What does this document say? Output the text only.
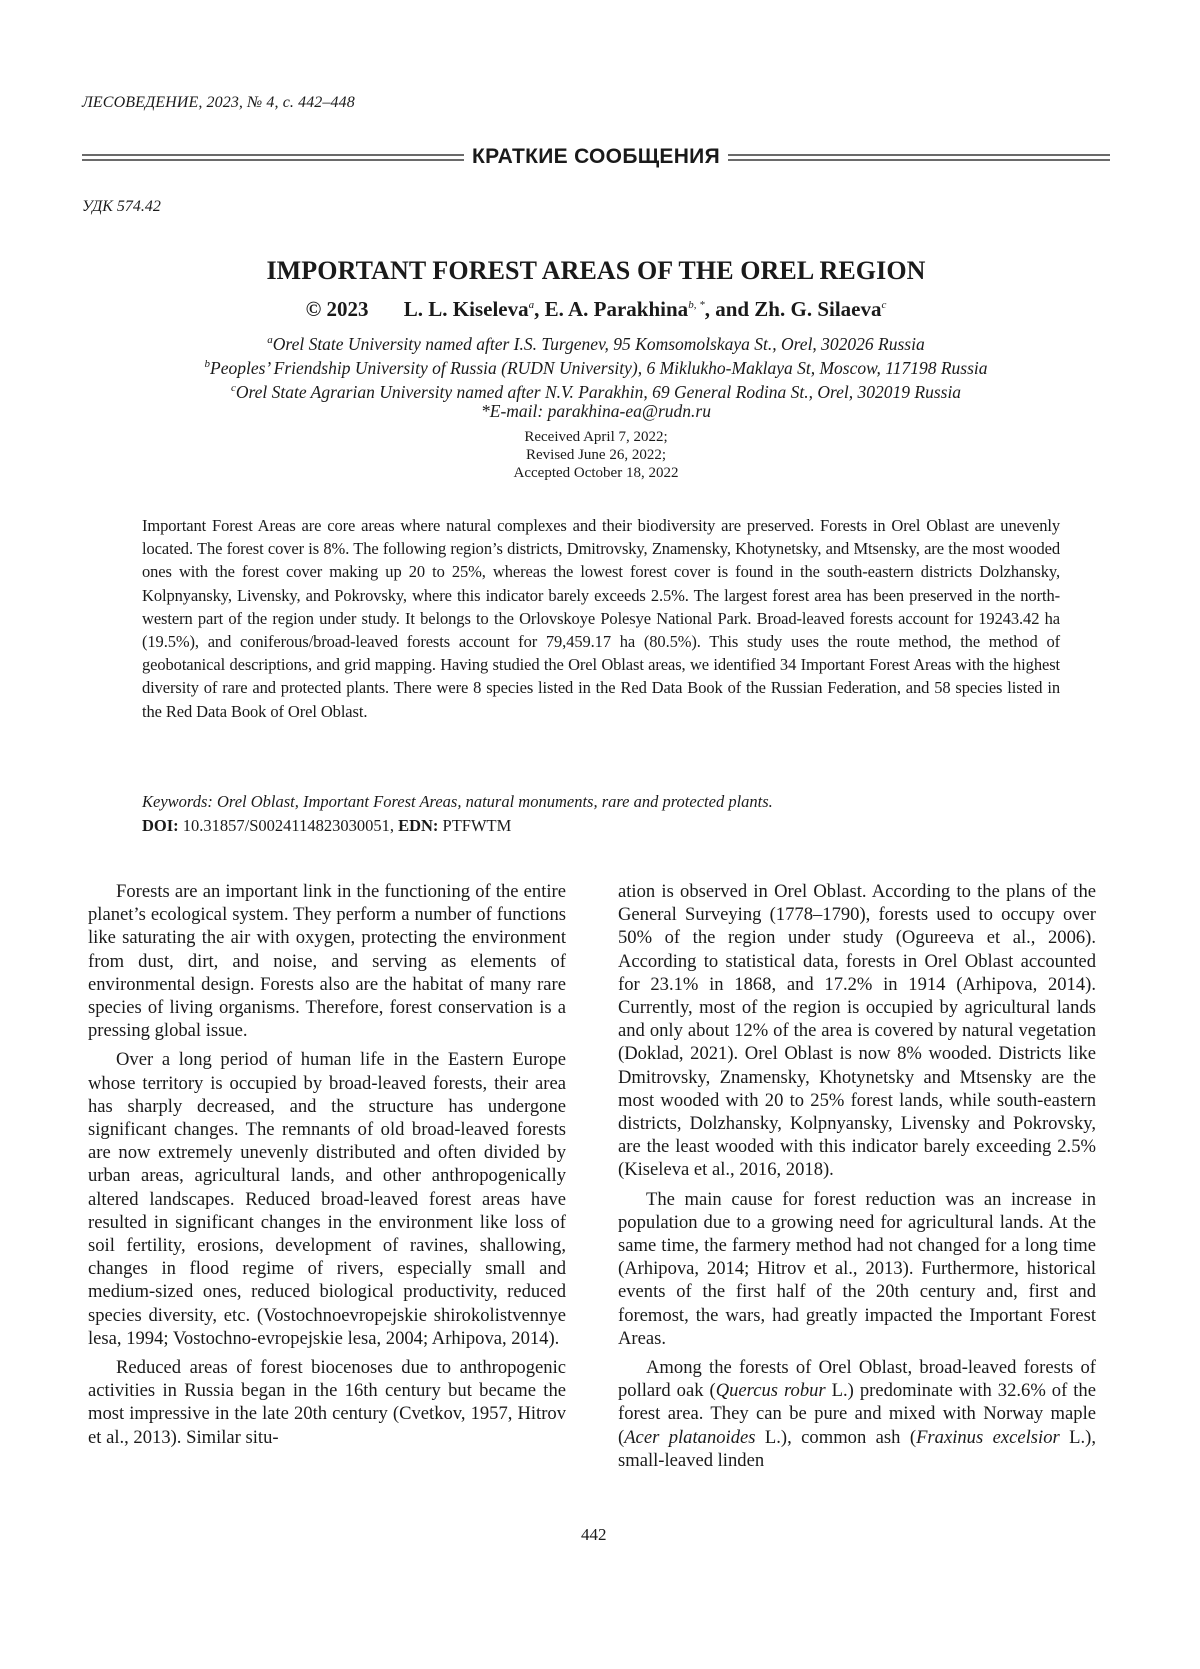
ЛЕСОВЕДЕНИЕ, 2023, № 4, с. 442–448
КРАТКИЕ СООБЩЕНИЯ
УДК 574.42
IMPORTANT FOREST AREAS OF THE OREL REGION
© 2023 L. L. Kiseleva$^a$, E. A. Parakhina$^{b, *}$, and Zh. G. Silaeva$^c$
$^a$Orel State University named after I.S. Turgenev, 95 Komsomolskaya St., Orel, 302026 Russia
$^b$Peoples’ Friendship University of Russia (RUDN University), 6 Miklukho-Maklaya St, Moscow, 117198 Russia
$^c$Orel State Agrarian University named after N.V. Parakhin, 69 General Rodina St., Orel, 302019 Russia
*E-mail: parakhina-ea@rudn.ru
Received April 7, 2022;
Revised June 26, 2022;
Accepted October 18, 2022
Important Forest Areas are core areas where natural complexes and their biodiversity are preserved. Forests in Orel Oblast are unevenly located. The forest cover is 8%. The following region’s districts, Dmitrovsky, Znamensky, Khotynetsky, and Mtsensky, are the most wooded ones with the forest cover making up 20 to 25%, whereas the lowest forest cover is found in the south-eastern districts Dolzhansky, Kolpnyansky, Livensky, and Pokrovsky, where this indicator barely exceeds 2.5%. The largest forest area has been preserved in the north-western part of the region under study. It belongs to the Orlovskoye Polesye National Park. Broad-leaved forests account for 19243.42 ha (19.5%), and coniferous/broad-leaved forests account for 79,459.17 ha (80.5%). This study uses the route method, the method of geobotanical descriptions, and grid mapping. Having studied the Orel Oblast areas, we identified 34 Important Forest Areas with the highest diversity of rare and protected plants. There were 8 species listed in the Red Data Book of the Russian Federation, and 58 species listed in the Red Data Book of Orel Oblast.
Keywords: Orel Oblast, Important Forest Areas, natural monuments, rare and protected plants.
DOI: 10.31857/S0024114823030051, EDN: PTFWTM

Forests are an important link in the functioning of the entire planet’s ecological system. They perform a number of functions like saturating the air with oxygen, protecting the environment from dust, dirt, and noise, and serving as elements of environmental design. Forests also are the habitat of many rare species of living organisms. Therefore, forest conservation is a pressing global issue.

Over a long period of human life in the Eastern Europe whose territory is occupied by broad-leaved forests, their area has sharply decreased, and the structure has undergone significant changes. The remnants of old broad-leaved forests are now extremely unevenly distributed and often divided by urban areas, agricultural lands, and other anthropogenically altered landscapes. Reduced broad-leaved forest areas have resulted in significant changes in the environment like loss of soil fertility, erosions, development of ravines, shallowing, changes in flood regime of rivers, especially small and medium-sized ones, reduced biological productivity, reduced species diversity, etc. (Vostochnoevropejskie shirokolistvennye lesa, 1994; Vostochno-evropejskie lesa, 2004; Arhipova, 2014).

Reduced areas of forest biocenoses due to anthropogenic activities in Russia began in the 16th century but became the most impressive in the late 20th century (Cvetkov, 1957, Hitrov et al., 2013). Similar situ-

ation is observed in Orel Oblast. According to the plans of the General Surveying (1778–1790), forests used to occupy over 50% of the region under study (Ogureeva et al., 2006). According to statistical data, forests in Orel Oblast accounted for 23.1% in 1868, and 17.2% in 1914 (Arhipova, 2014). Currently, most of the region is occupied by agricultural lands and only about 12% of the area is covered by natural vegetation (Doklad, 2021). Orel Oblast is now 8% wooded. Districts like Dmitrovsky, Znamensky, Khotynetsky and Mtsensky are the most wooded with 20 to 25% forest lands, while south-eastern districts, Dolzhansky, Kolpnyansky, Livensky and Pokrovsky, are the least wooded with this indicator barely exceeding 2.5% (Kiseleva et al., 2016, 2018).

The main cause for forest reduction was an increase in population due to a growing need for agricultural lands. At the same time, the farmery method had not changed for a long time (Arhipova, 2014; Hitrov et al., 2013). Furthermore, historical events of the first half of the 20th century and, first and foremost, the wars, had greatly impacted the Important Forest Areas.

Among the forests of Orel Oblast, broad-leaved forests of pollard oak (Quercus robur L.) predominate with 32.6% of the forest area. They can be pure and mixed with Norway maple (Acer platanoides L.), common ash (Fraxinus excelsior L.), small-leaved linden

442
